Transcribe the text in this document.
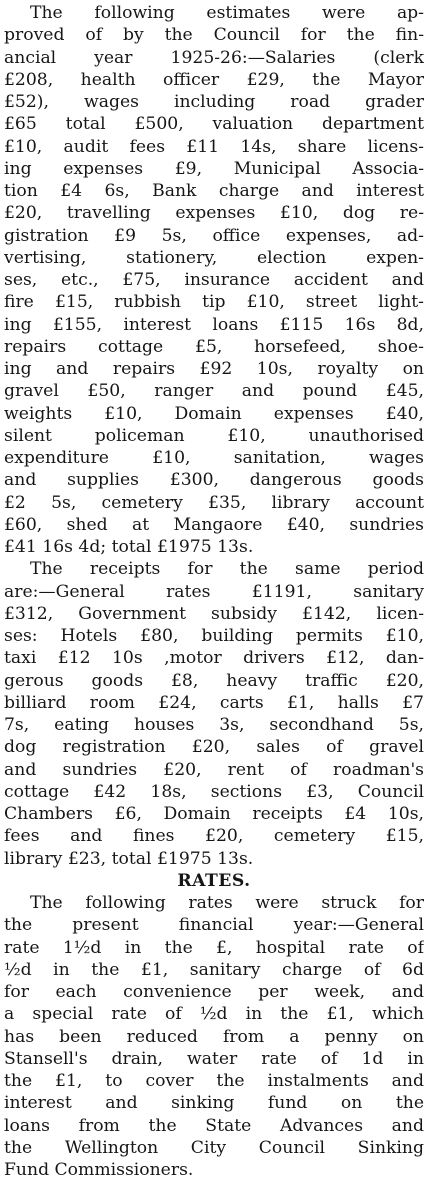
The following estimates were ap-
proved of by the Council for the fin-
ancial year 1925-26:—Salaries (clerk
£208, health officer £29, the Mayor
£52), wages including road grader
£65 total £500, valuation department
£10, audit fees £11 14s, share licens-
ing expenses £9, Municipal Associa-
tion £4 6s, Bank charge and interest
£20, travelling expenses £10, dog re-
gistration £9 5s, office expenses, ad-
vertising, stationery, election expen-
ses, etc., £75, insurance accident and
fire £15, rubbish tip £10, street light-
ing £155, interest loans £115 16s 8d,
repairs cottage £5, horsefeed, shoe-
ing and repairs £92 10s, royalty on
gravel £50, ranger and pound £45,
weights £10, Domain expenses £40,
silent policeman £10, unauthorised
expenditure £10, sanitation, wages
and supplies £300, dangerous goods
£2 5s, cemetery £35, library account
£60, shed at Mangaore £40, sundries
£41 16s 4d; total £1975 13s.
The receipts for the same period
are:—General rates £1191, sanitary
£312, Government subsidy £142, licen-
ses: Hotels £80, building permits £10,
taxi £12 10s ,motor drivers £12, dan-
gerous goods £8, heavy traffic £20,
billiard room £24, carts £1, halls £7
7s, eating houses 3s, secondhand 5s,
dog registration £20, sales of gravel
and sundries £20, rent of roadman's
cottage £42 18s, sections £3, Council
Chambers £6, Domain receipts £4 10s,
fees and fines £20, cemetery £15,
library £23, total £1975 13s.
RATES.
The following rates were struck for
the present financial year:—General
rate 1½d in the £, hospital rate of
½d in the £1, sanitary charge of 6d
for each convenience per week, and
a special rate of ½d in the £1, which
has been reduced from a penny on
Stansell's drain, water rate of 1d in
the £1, to cover the instalments and
interest and sinking fund on the
loans from the State Advances and
the Wellington City Council Sinking
Fund Commissioners.
